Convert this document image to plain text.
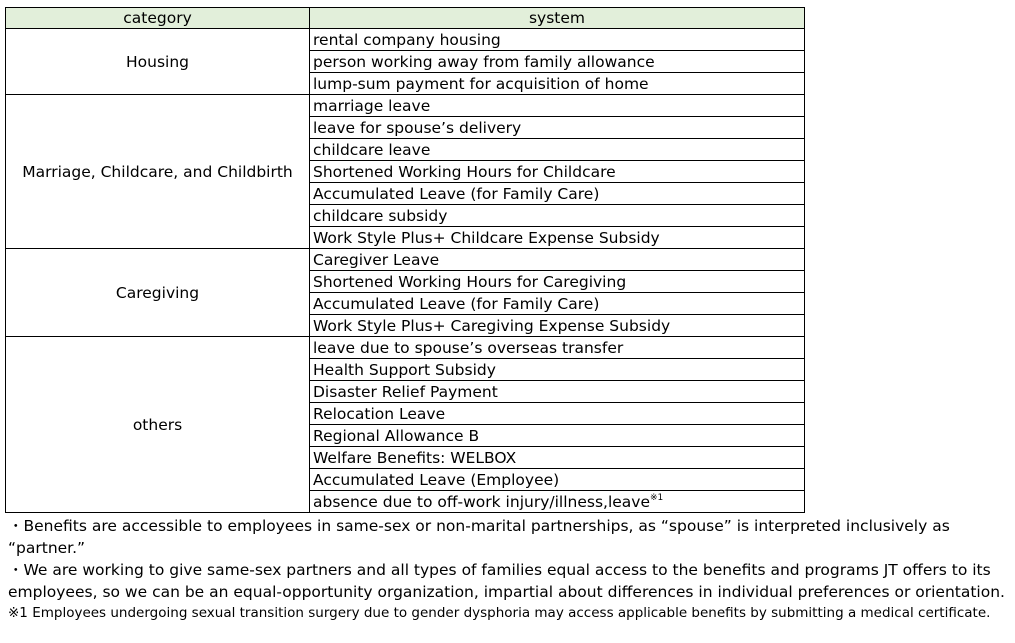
category	system
Housing	rental company housing
	person working away from family allowance
	lump-sum payment for acquisition of home
Marriage, Childcare, and Childbirth	marriage leave
	leave for spouse’s delivery
	childcare leave
	Shortened Working Hours for Childcare
	Accumulated Leave (for Family Care)
	childcare subsidy
	Work Style Plus+ Childcare Expense Subsidy
Caregiving	Caregiver Leave
	Shortened Working Hours for Caregiving
	Accumulated Leave (for Family Care)
	Work Style Plus+ Caregiving Expense Subsidy
others	leave due to spouse’s overseas transfer
	Health Support Subsidy
	Disaster Relief Payment
	Relocation Leave
	Regional Allowance B
	Welfare Benefits: WELBOX
	Accumulated Leave (Employee)
	absence due to off-work injury/illness,leave$^{※1}$

・Benefits are accessible to employees in same-sex or non-marital partnerships, as “spouse” is interpreted inclusively as “partner.”

・We are working to give same-sex partners and all types of families equal access to the benefits and programs JT offers to its employees, so we can be an equal-opportunity organization, impartial about differences in individual preferences or orientation.

※1 Employees undergoing sexual transition surgery due to gender dysphoria may access applicable benefits by submitting a medical certificate.
